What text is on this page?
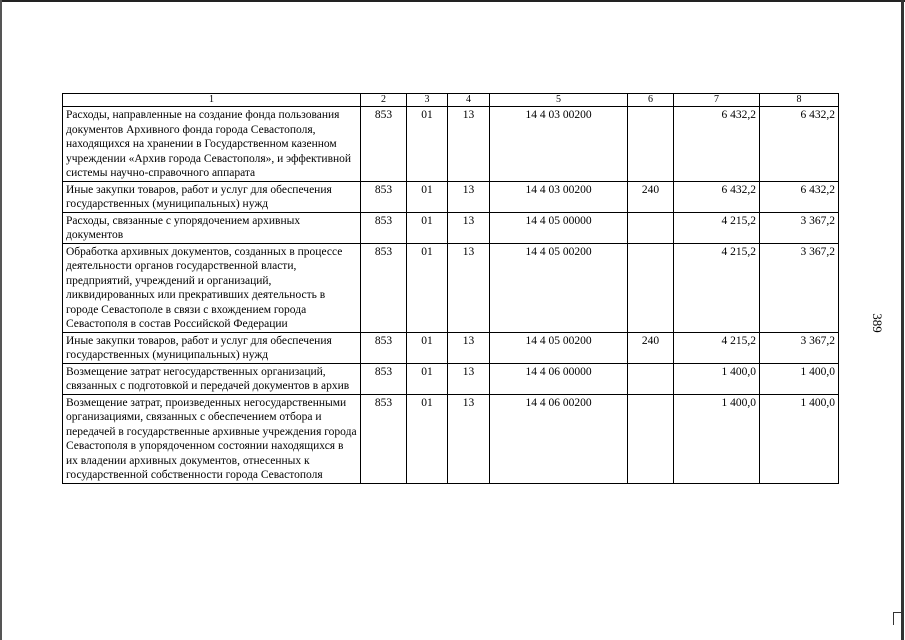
1	2	3	4	5	6	7	8
Расходы, направленные на создание фонда пользования документов Архивного фонда города Севастополя, находящихся на хранении в Государственном казенном учреждении «Архив города Севастополя», и эффективной системы научно-справочного аппарата	853	01	13	14 4 03 00200		6 432,2	6 432,2
Иные закупки товаров, работ и услуг для обеспечения государственных (муниципальных) нужд	853	01	13	14 4 03 00200	240	6 432,2	6 432,2
Расходы, связанные с упорядочением архивных документов	853	01	13	14 4 05 00000		4 215,2	3 367,2
Обработка архивных документов, созданных в процессе деятельности органов государственной власти, предприятий, учреждений и организаций, ликвидированных или прекративших деятельность в городе Севастополе в связи с вхождением города Севастополя в состав Российской Федерации	853	01	13	14 4 05 00200		4 215,2	3 367,2
Иные закупки товаров, работ и услуг для обеспечения государственных (муниципальных) нужд	853	01	13	14 4 05 00200	240	4 215,2	3 367,2
Возмещение затрат негосударственных организаций, связанных с подготовкой и передачей документов в архив	853	01	13	14 4 06 00000		1 400,0	1 400,0
Возмещение затрат, произведенных негосударственными организациями, связанных с обеспечением отбора и передачей в государственные архивные учреждения города Севастополя в упорядоченном состоянии находящихся в их владении архивных документов, отнесенных к государственной собственности города Севастополя	853	01	13	14 4 06 00200		1 400,0	1 400,0
389
